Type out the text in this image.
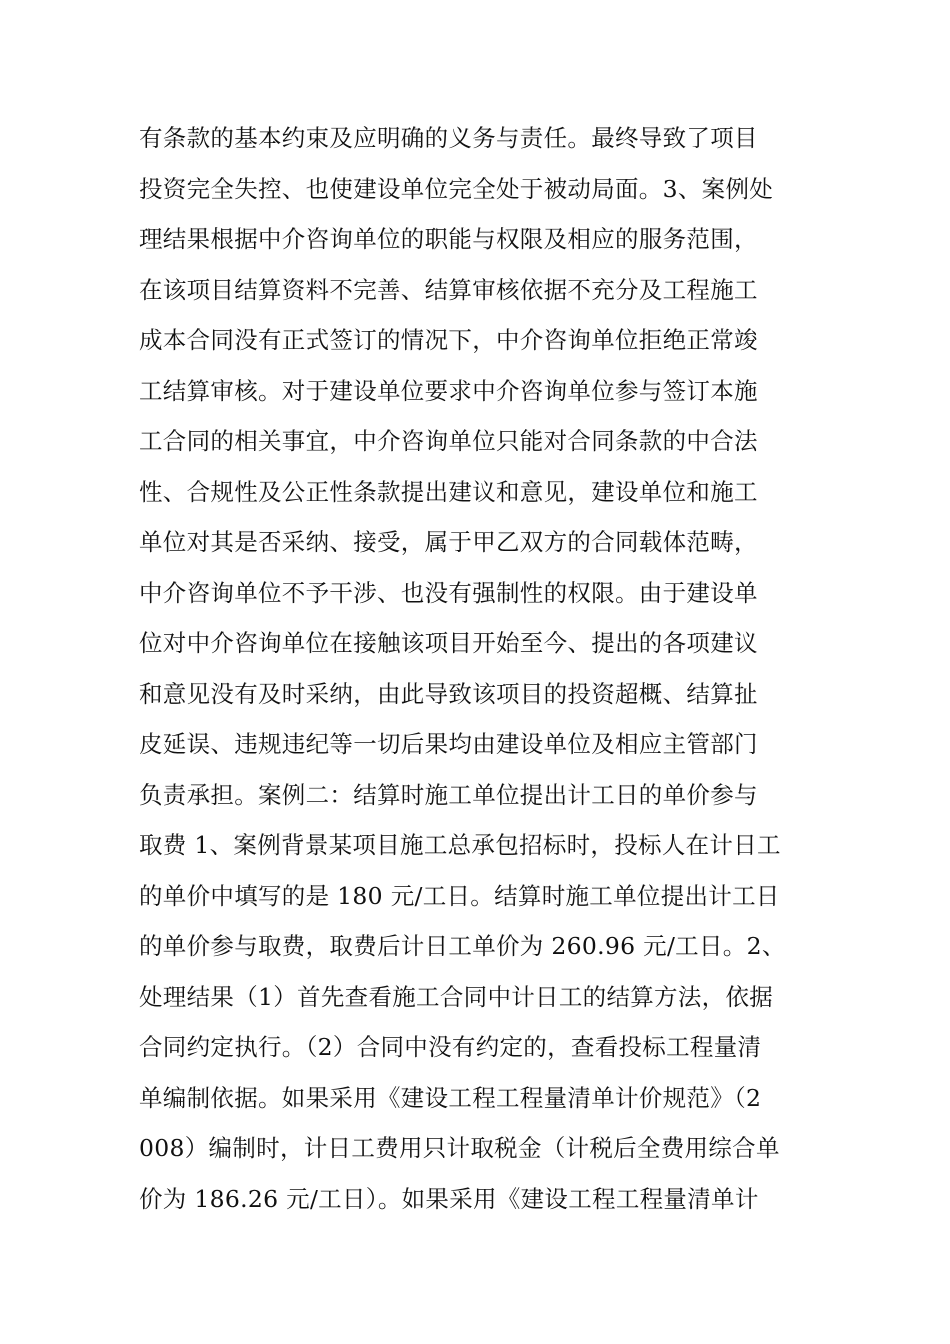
有条款的基本约束及应明确的义务与责任。最终导致了项目
投资完全失控、也使建设单位完全处于被动局面。3、案例处
理结果根据中介咨询单位的职能与权限及相应的服务范围，
在该项目结算资料不完善、结算审核依据不充分及工程施工
成本合同没有正式签订的情况下，中介咨询单位拒绝正常竣
工结算审核。对于建设单位要求中介咨询单位参与签订本施
工合同的相关事宜，中介咨询单位只能对合同条款的中合法
性、合规性及公正性条款提出建议和意见，建设单位和施工
单位对其是否采纳、接受，属于甲乙双方的合同载体范畴，
中介咨询单位不予干涉、也没有强制性的权限。由于建设单
位对中介咨询单位在接触该项目开始至今、提出的各项建议
和意见没有及时采纳，由此导致该项目的投资超概、结算扯
皮延误、违规违纪等一切后果均由建设单位及相应主管部门
负责承担。案例二：结算时施工单位提出计工日的单价参与
取费 1、案例背景某项目施工总承包招标时，投标人在计日工
的单价中填写的是 180 元/工日。结算时施工单位提出计工日
的单价参与取费，取费后计日工单价为 260.96 元/工日。2、
处理结果（1）首先查看施工合同中计日工的结算方法，依据
合同约定执行。（2）合同中没有约定的，查看投标工程量清
单编制依据。如果采用《建设工程工程量清单计价规范》（2
008）编制时，计日工费用只计取税金（计税后全费用综合单
价为 186.26 元/工日）。如果采用《建设工程工程量清单计
